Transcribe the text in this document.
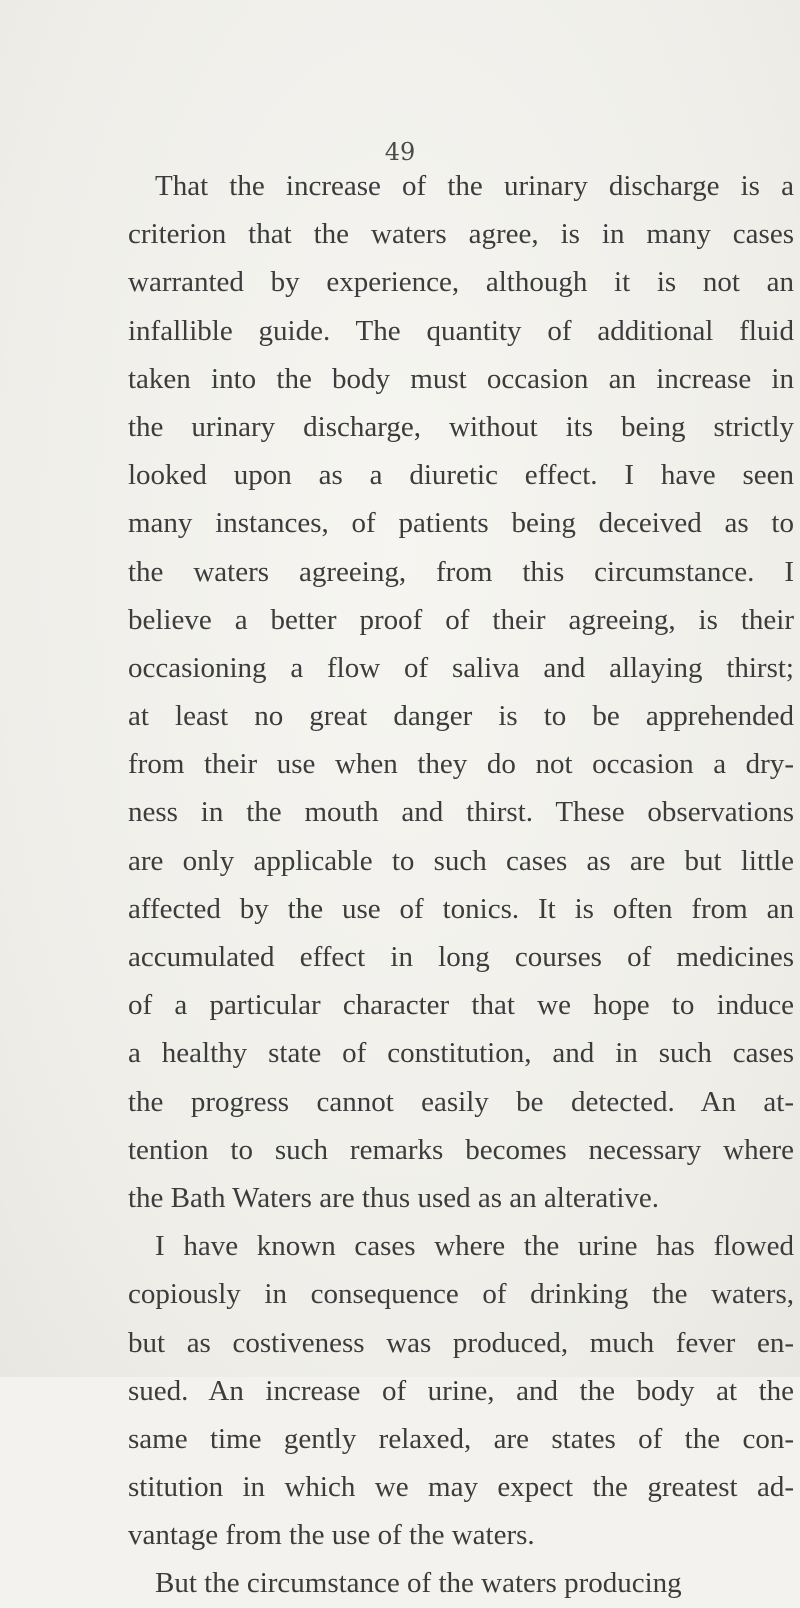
49
That the increase of the urinary discharge is a
criterion that the waters agree, is in many cases
warranted by experience, although it is not an
infallible guide. The quantity of additional fluid
taken into the body must occasion an increase in
the urinary discharge, without its being strictly
looked upon as a diuretic effect. I have seen
many instances, of patients being deceived as to
the waters agreeing, from this circumstance. I
believe a better proof of their agreeing, is their
occasioning a flow of saliva and allaying thirst;
at least no great danger is to be apprehended
from their use when they do not occasion a dry-
ness in the mouth and thirst. These observations
are only applicable to such cases as are but little
affected by the use of tonics. It is often from an
accumulated effect in long courses of medicines
of a particular character that we hope to induce
a healthy state of constitution, and in such cases
the progress cannot easily be detected. An at-
tention to such remarks becomes necessary where
the Bath Waters are thus used as an alterative.
I have known cases where the urine has flowed
copiously in consequence of drinking the waters,
but as costiveness was produced, much fever en-
sued. An increase of urine, and the body at the
same time gently relaxed, are states of the con-
stitution in which we may expect the greatest ad-
vantage from the use of the waters.
But the circumstance of the waters producing
